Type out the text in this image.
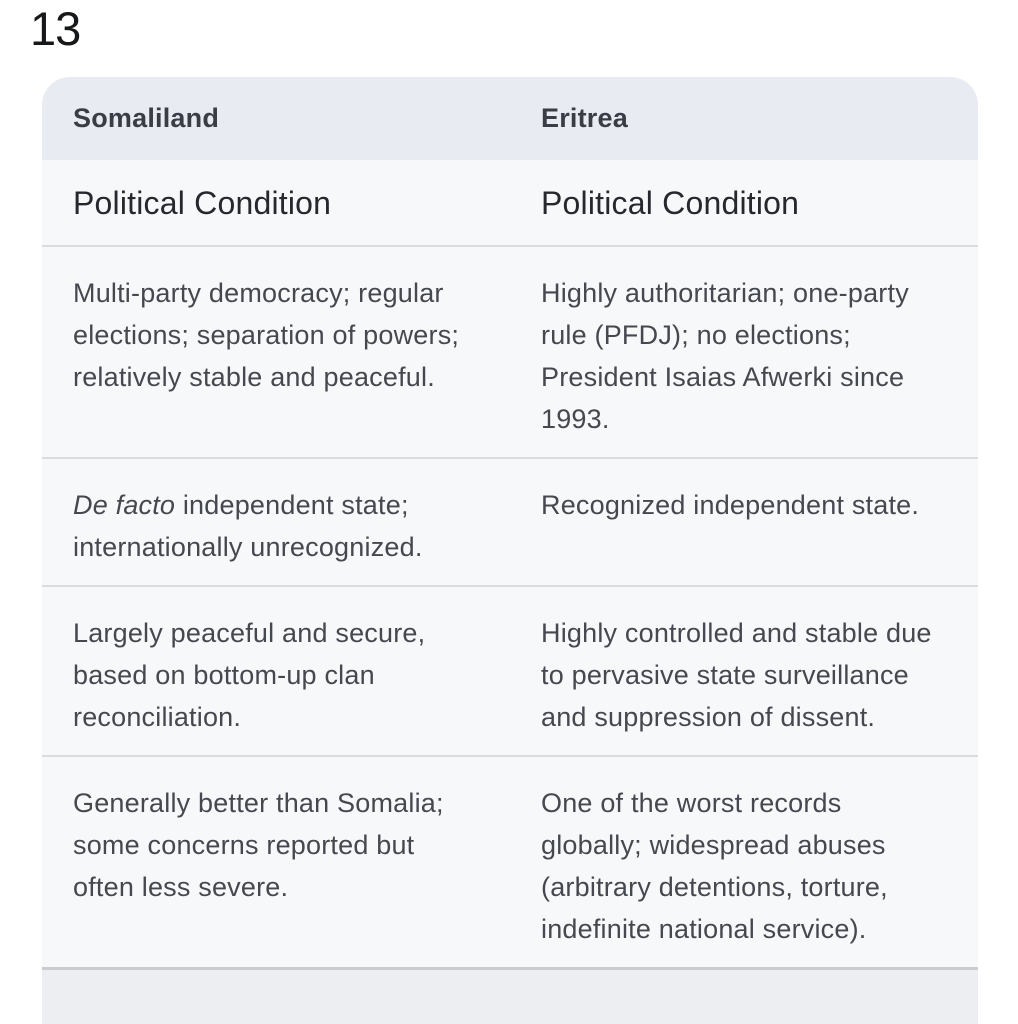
13
Somaliland	Eritrea
Political Condition	Political Condition
Multi-party democracy; regular elections; separation of powers; relatively stable and peaceful.
Highly authoritarian; one-party rule (PFDJ); no elections; President Isaias Afwerki since 1993.
De facto independent state; internationally unrecognized.
Recognized independent state.
Largely peaceful and secure, based on bottom-up clan reconciliation.
Highly controlled and stable due to pervasive state surveillance and suppression of dissent.
Generally better than Somalia; some concerns reported but often less severe.
One of the worst records globally; widespread abuses (arbitrary detentions, torture, indefinite national service).
